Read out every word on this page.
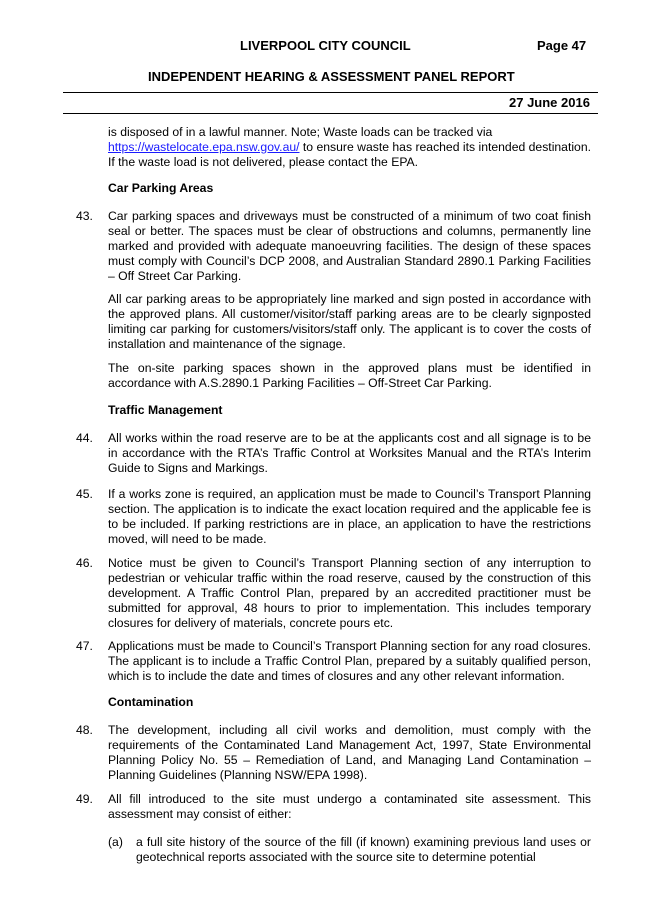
LIVERPOOL CITY COUNCIL	Page 47
INDEPENDENT HEARING & ASSESSMENT PANEL REPORT
27 June 2016

is disposed of in a lawful manner. Note; Waste loads can be tracked via
https://wastelocate.epa.nsw.gov.au/ to ensure waste has reached its intended destination. If the waste load is not delivered, please contact the EPA.

Car Parking Areas

43. Car parking spaces and driveways must be constructed of a minimum of two coat finish seal or better. The spaces must be clear of obstructions and columns, permanently line marked and provided with adequate manoeuvring facilities. The design of these spaces must comply with Council’s DCP 2008, and Australian Standard 2890.1 Parking Facilities – Off Street Car Parking.

All car parking areas to be appropriately line marked and sign posted in accordance with the approved plans. All customer/visitor/staff parking areas are to be clearly signposted limiting car parking for customers/visitors/staff only. The applicant is to cover the costs of installation and maintenance of the signage.

The on-site parking spaces shown in the approved plans must be identified in accordance with A.S.2890.1 Parking Facilities – Off-Street Car Parking.

Traffic Management

44. All works within the road reserve are to be at the applicants cost and all signage is to be in accordance with the RTA’s Traffic Control at Worksites Manual and the RTA’s Interim Guide to Signs and Markings.

45. If a works zone is required, an application must be made to Council’s Transport Planning section. The application is to indicate the exact location required and the applicable fee is to be included. If parking restrictions are in place, an application to have the restrictions moved, will need to be made.

46. Notice must be given to Council’s Transport Planning section of any interruption to pedestrian or vehicular traffic within the road reserve, caused by the construction of this development. A Traffic Control Plan, prepared by an accredited practitioner must be submitted for approval, 48 hours to prior to implementation. This includes temporary closures for delivery of materials, concrete pours etc.

47. Applications must be made to Council’s Transport Planning section for any road closures. The applicant is to include a Traffic Control Plan, prepared by a suitably qualified person, which is to include the date and times of closures and any other relevant information.

Contamination

48. The development, including all civil works and demolition, must comply with the requirements of the Contaminated Land Management Act, 1997, State Environmental Planning Policy No. 55 – Remediation of Land, and Managing Land Contamination – Planning Guidelines (Planning NSW/EPA 1998).

49. All fill introduced to the site must undergo a contaminated site assessment. This assessment may consist of either:

(a) a full site history of the source of the fill (if known) examining previous land uses or geotechnical reports associated with the source site to determine potential
